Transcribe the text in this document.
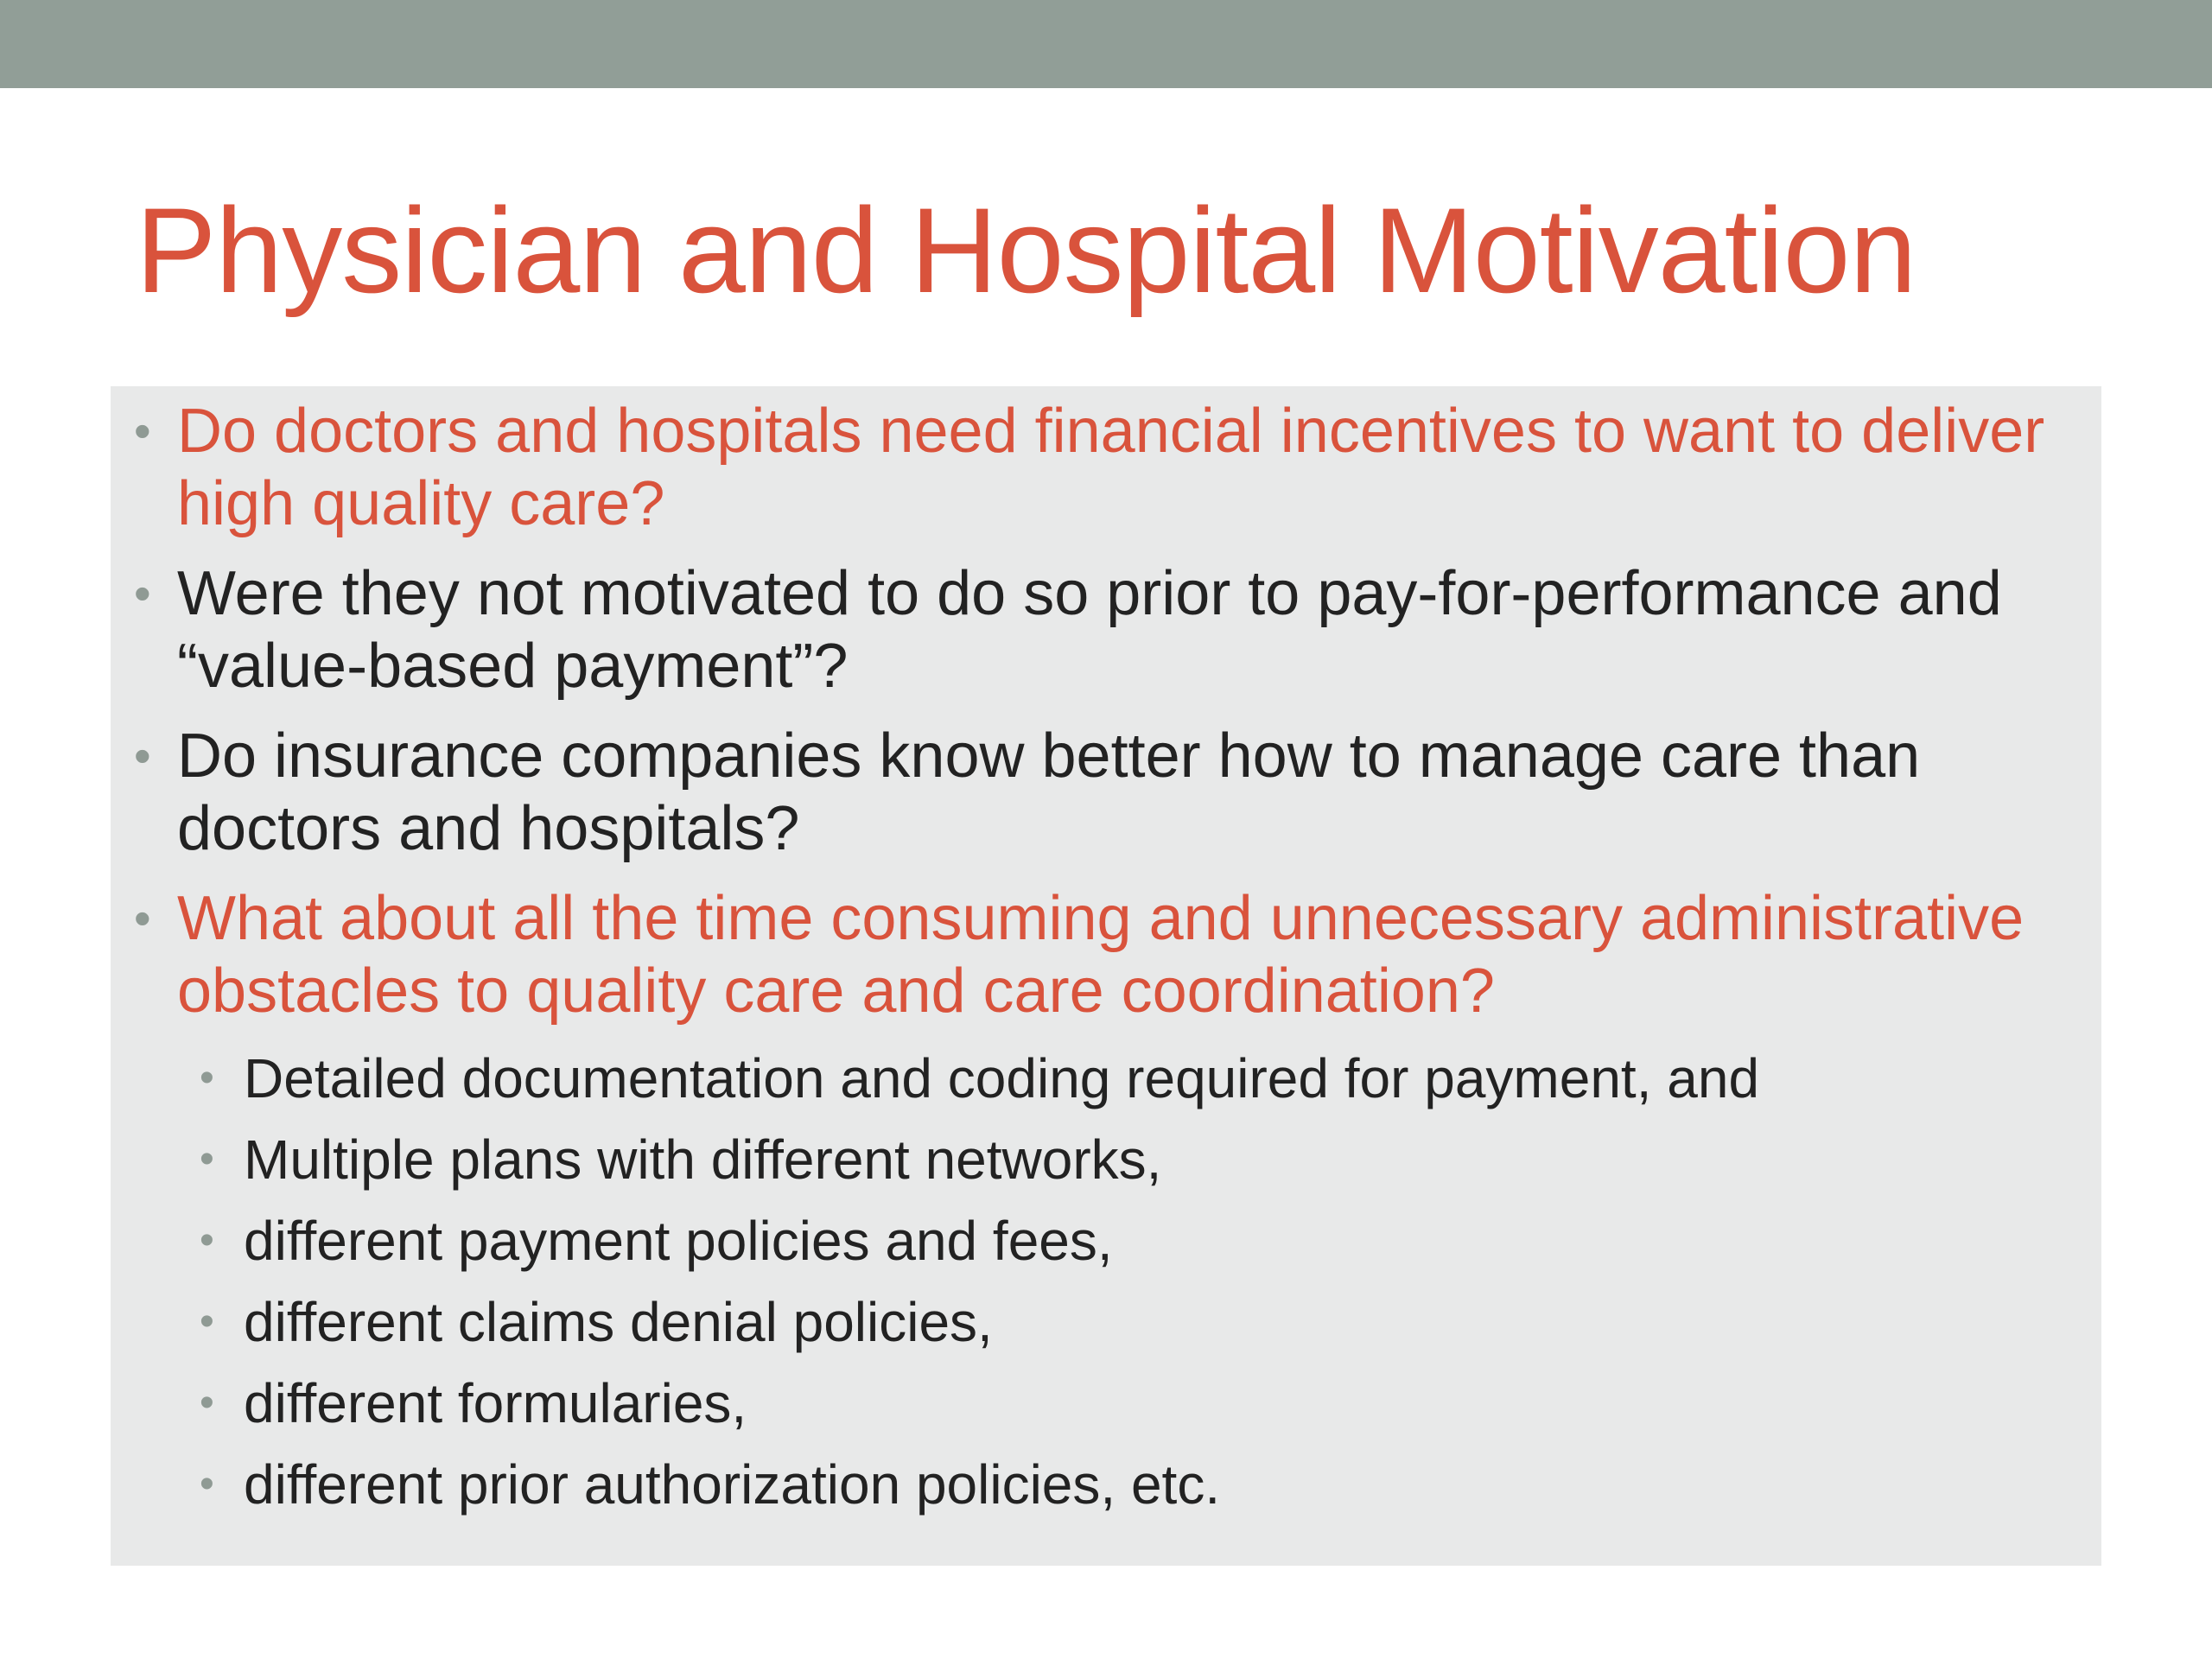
Physician and Hospital Motivation
• Do doctors and hospitals need financial incentives to want to deliver high quality care?
• Were they not motivated to do so prior to pay-for-performance and “value-based payment”?
• Do insurance companies know better how to manage care than doctors and hospitals?
• What about all the time consuming and unnecessary administrative obstacles to quality care and care coordination?
• Detailed documentation and coding required for payment, and
• Multiple plans with different networks,
• different payment policies and fees,
• different claims denial policies,
• different formularies,
• different prior authorization policies, etc.
